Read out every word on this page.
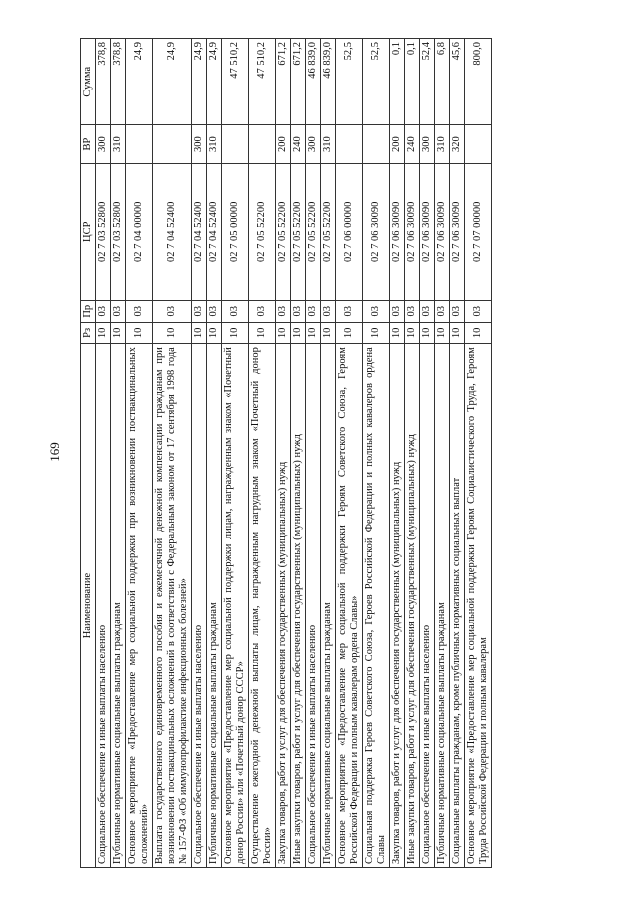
169
Наименование	Рз	Пр	ЦСР	ВР	Сумма
Социальное обеспечение и иные выплаты населению	10	03	02 7 03 52800	300	378,8
Публичные нормативные социальные выплаты гражданам	10	03	02 7 03 52800	310	378,8
Основное мероприятие «Предоставление мер социальной поддержки при возникновении поствакцинальных осложнений»	10	03	02 7 04 00000		24,9
Выплата государственного единовременного пособия и ежемесячной денежной компенсации гражданам при возникновении поствакцинальных осложнений в соответствии с Федеральным законом от 17 сентября 1998 года № 157-ФЗ «Об иммунопрофилактике инфекционных болезней»	10	03	02 7 04 52400		24,9
Социальное обеспечение и иные выплаты населению	10	03	02 7 04 52400	300	24,9
Публичные нормативные социальные выплаты гражданам	10	03	02 7 04 52400	310	24,9
Основное мероприятие «Предоставление мер социальной поддержки лицам, награжденным знаком «Почетный донор России» или «Почетный донор СССР»	10	03	02 7 05 00000		47 510,2
Осуществление ежегодной денежной выплаты лицам, награжденным нагрудным знаком «Почетный донор России»	10	03	02 7 05 52200		47 510,2
Закупка товаров, работ и услуг для обеспечения государственных (муниципальных) нужд	10	03	02 7 05 52200	200	671,2
Иные закупки товаров, работ и услуг для обеспечения государственных (муниципальных) нужд	10	03	02 7 05 52200	240	671,2
Социальное обеспечение и иные выплаты населению	10	03	02 7 05 52200	300	46 839,0
Публичные нормативные социальные выплаты гражданам	10	03	02 7 05 52200	310	46 839,0
Основное мероприятие «Предоставление мер социальной поддержки Героям Советского Союза, Героям Российской Федерации и полным кавалерам ордена Славы»	10	03	02 7 06 00000		52,5
Социальная поддержка Героев Советского Союза, Героев Российской Федерации и полных кавалеров ордена Славы	10	03	02 7 06 30090		52,5
Закупка товаров, работ и услуг для обеспечения государственных (муниципальных) нужд	10	03	02 7 06 30090	200	0,1
Иные закупки товаров, работ и услуг для обеспечения государственных (муниципальных) нужд	10	03	02 7 06 30090	240	0,1
Социальное обеспечение и иные выплаты населению	10	03	02 7 06 30090	300	52,4
Публичные нормативные социальные выплаты гражданам	10	03	02 7 06 30090	310	6,8
Социальные выплаты гражданам, кроме публичных нормативных социальных выплат	10	03	02 7 06 30090	320	45,6
Основное мероприятие «Предоставление мер социальной поддержки Героям Социалистического Труда, Героям Труда Российской Федерации и полным кавалерам	10	03	02 7 07 00000		800,0
